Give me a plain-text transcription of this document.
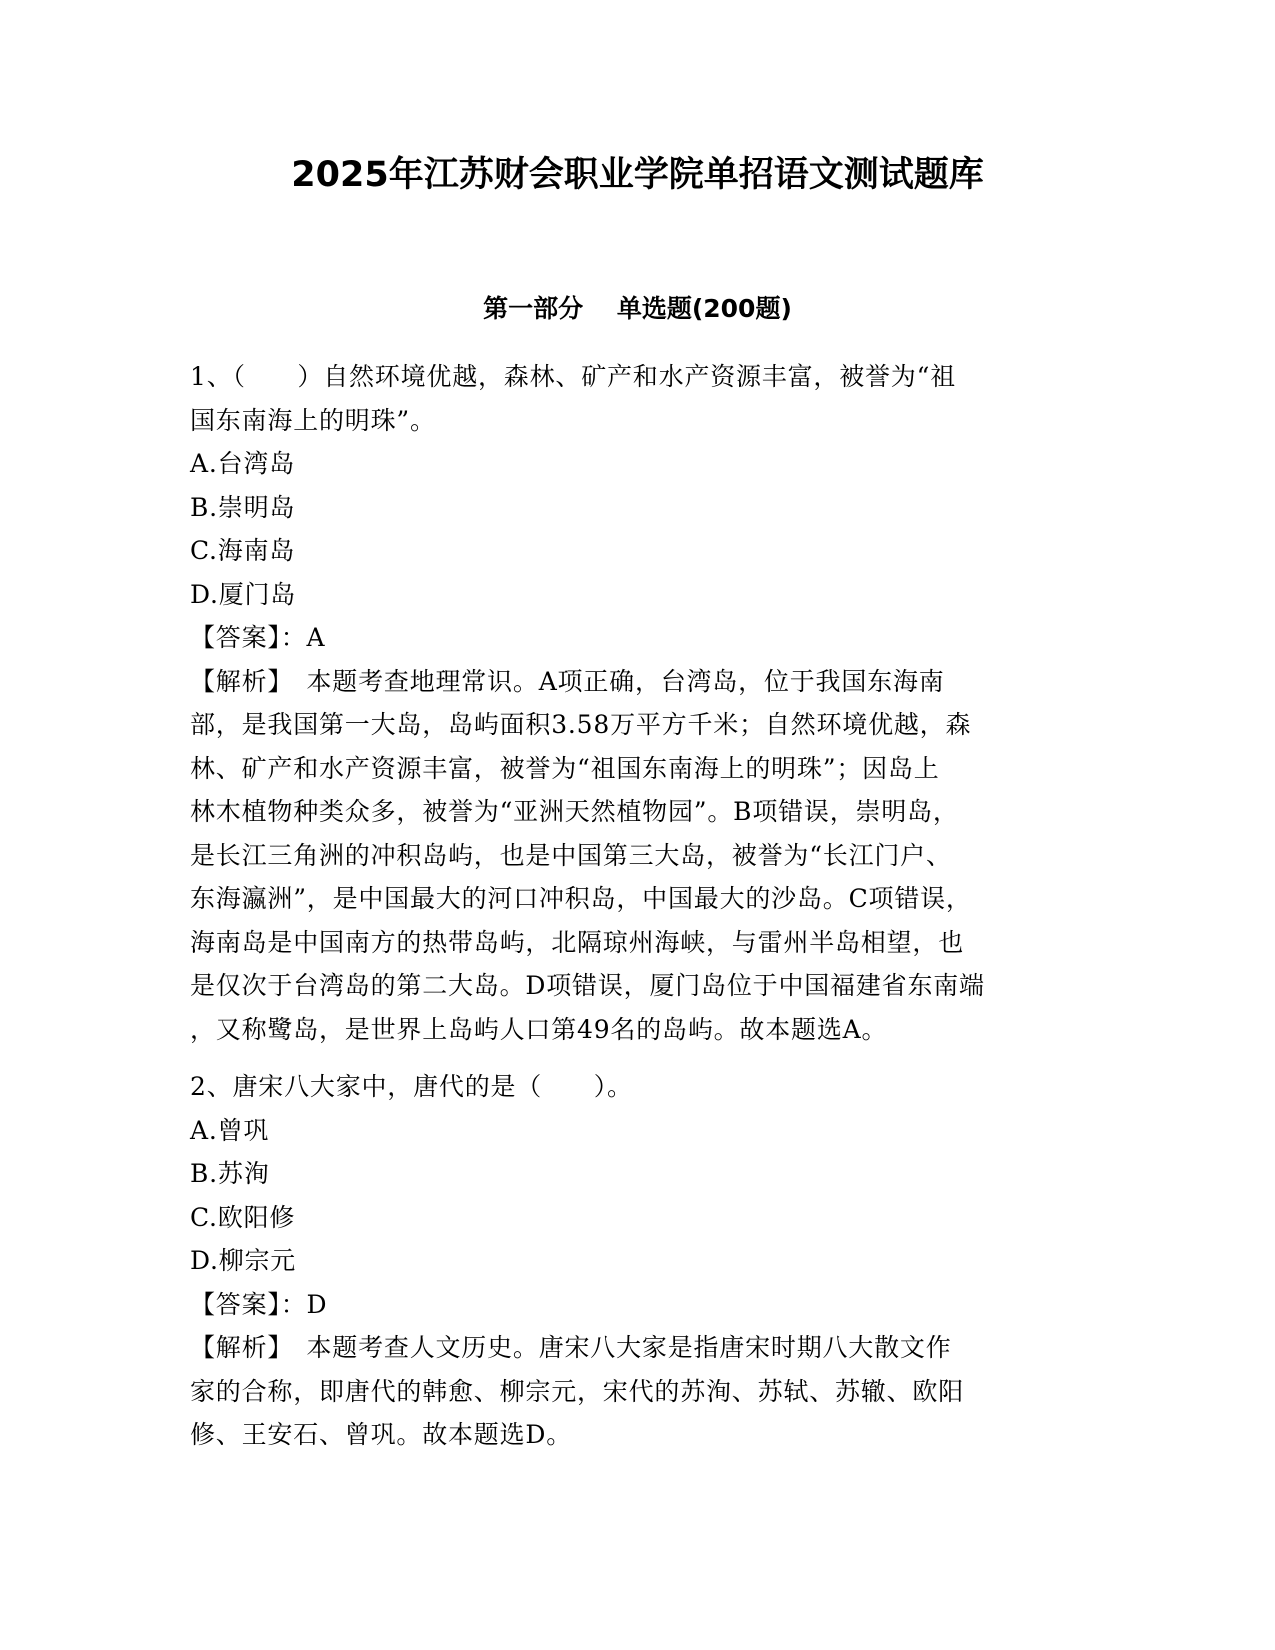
2025年江苏财会职业学院单招语文测试题库
第一部分　 单选题(200题)
1、（　　）自然环境优越，森林、矿产和水产资源丰富，被誉为“祖
国东南海上的明珠”。
A.台湾岛
B.崇明岛
C.海南岛
D.厦门岛
【答案】：A
【解析】　本题考查地理常识。A项正确，台湾岛，位于我国东海南
部，是我国第一大岛，岛屿面积3.58万平方千米；自然环境优越，森
林、矿产和水产资源丰富，被誉为“祖国东南海上的明珠”；因岛上
林木植物种类众多，被誉为“亚洲天然植物园”。B项错误，崇明岛，
是长江三角洲的冲积岛屿，也是中国第三大岛，被誉为“长江门户、
东海瀛洲”，是中国最大的河口冲积岛，中国最大的沙岛。C项错误，
海南岛是中国南方的热带岛屿，北隔琼州海峡，与雷州半岛相望，也
是仅次于台湾岛的第二大岛。D项错误，厦门岛位于中国福建省东南端
，又称鹭岛，是世界上岛屿人口第49名的岛屿。故本题选A。
2、唐宋八大家中，唐代的是（　　）。
A.曾巩
B.苏洵
C.欧阳修
D.柳宗元
【答案】：D
【解析】　本题考查人文历史。唐宋八大家是指唐宋时期八大散文作
家的合称，即唐代的韩愈、柳宗元，宋代的苏洵、苏轼、苏辙、欧阳
修、王安石、曾巩。故本题选D。
